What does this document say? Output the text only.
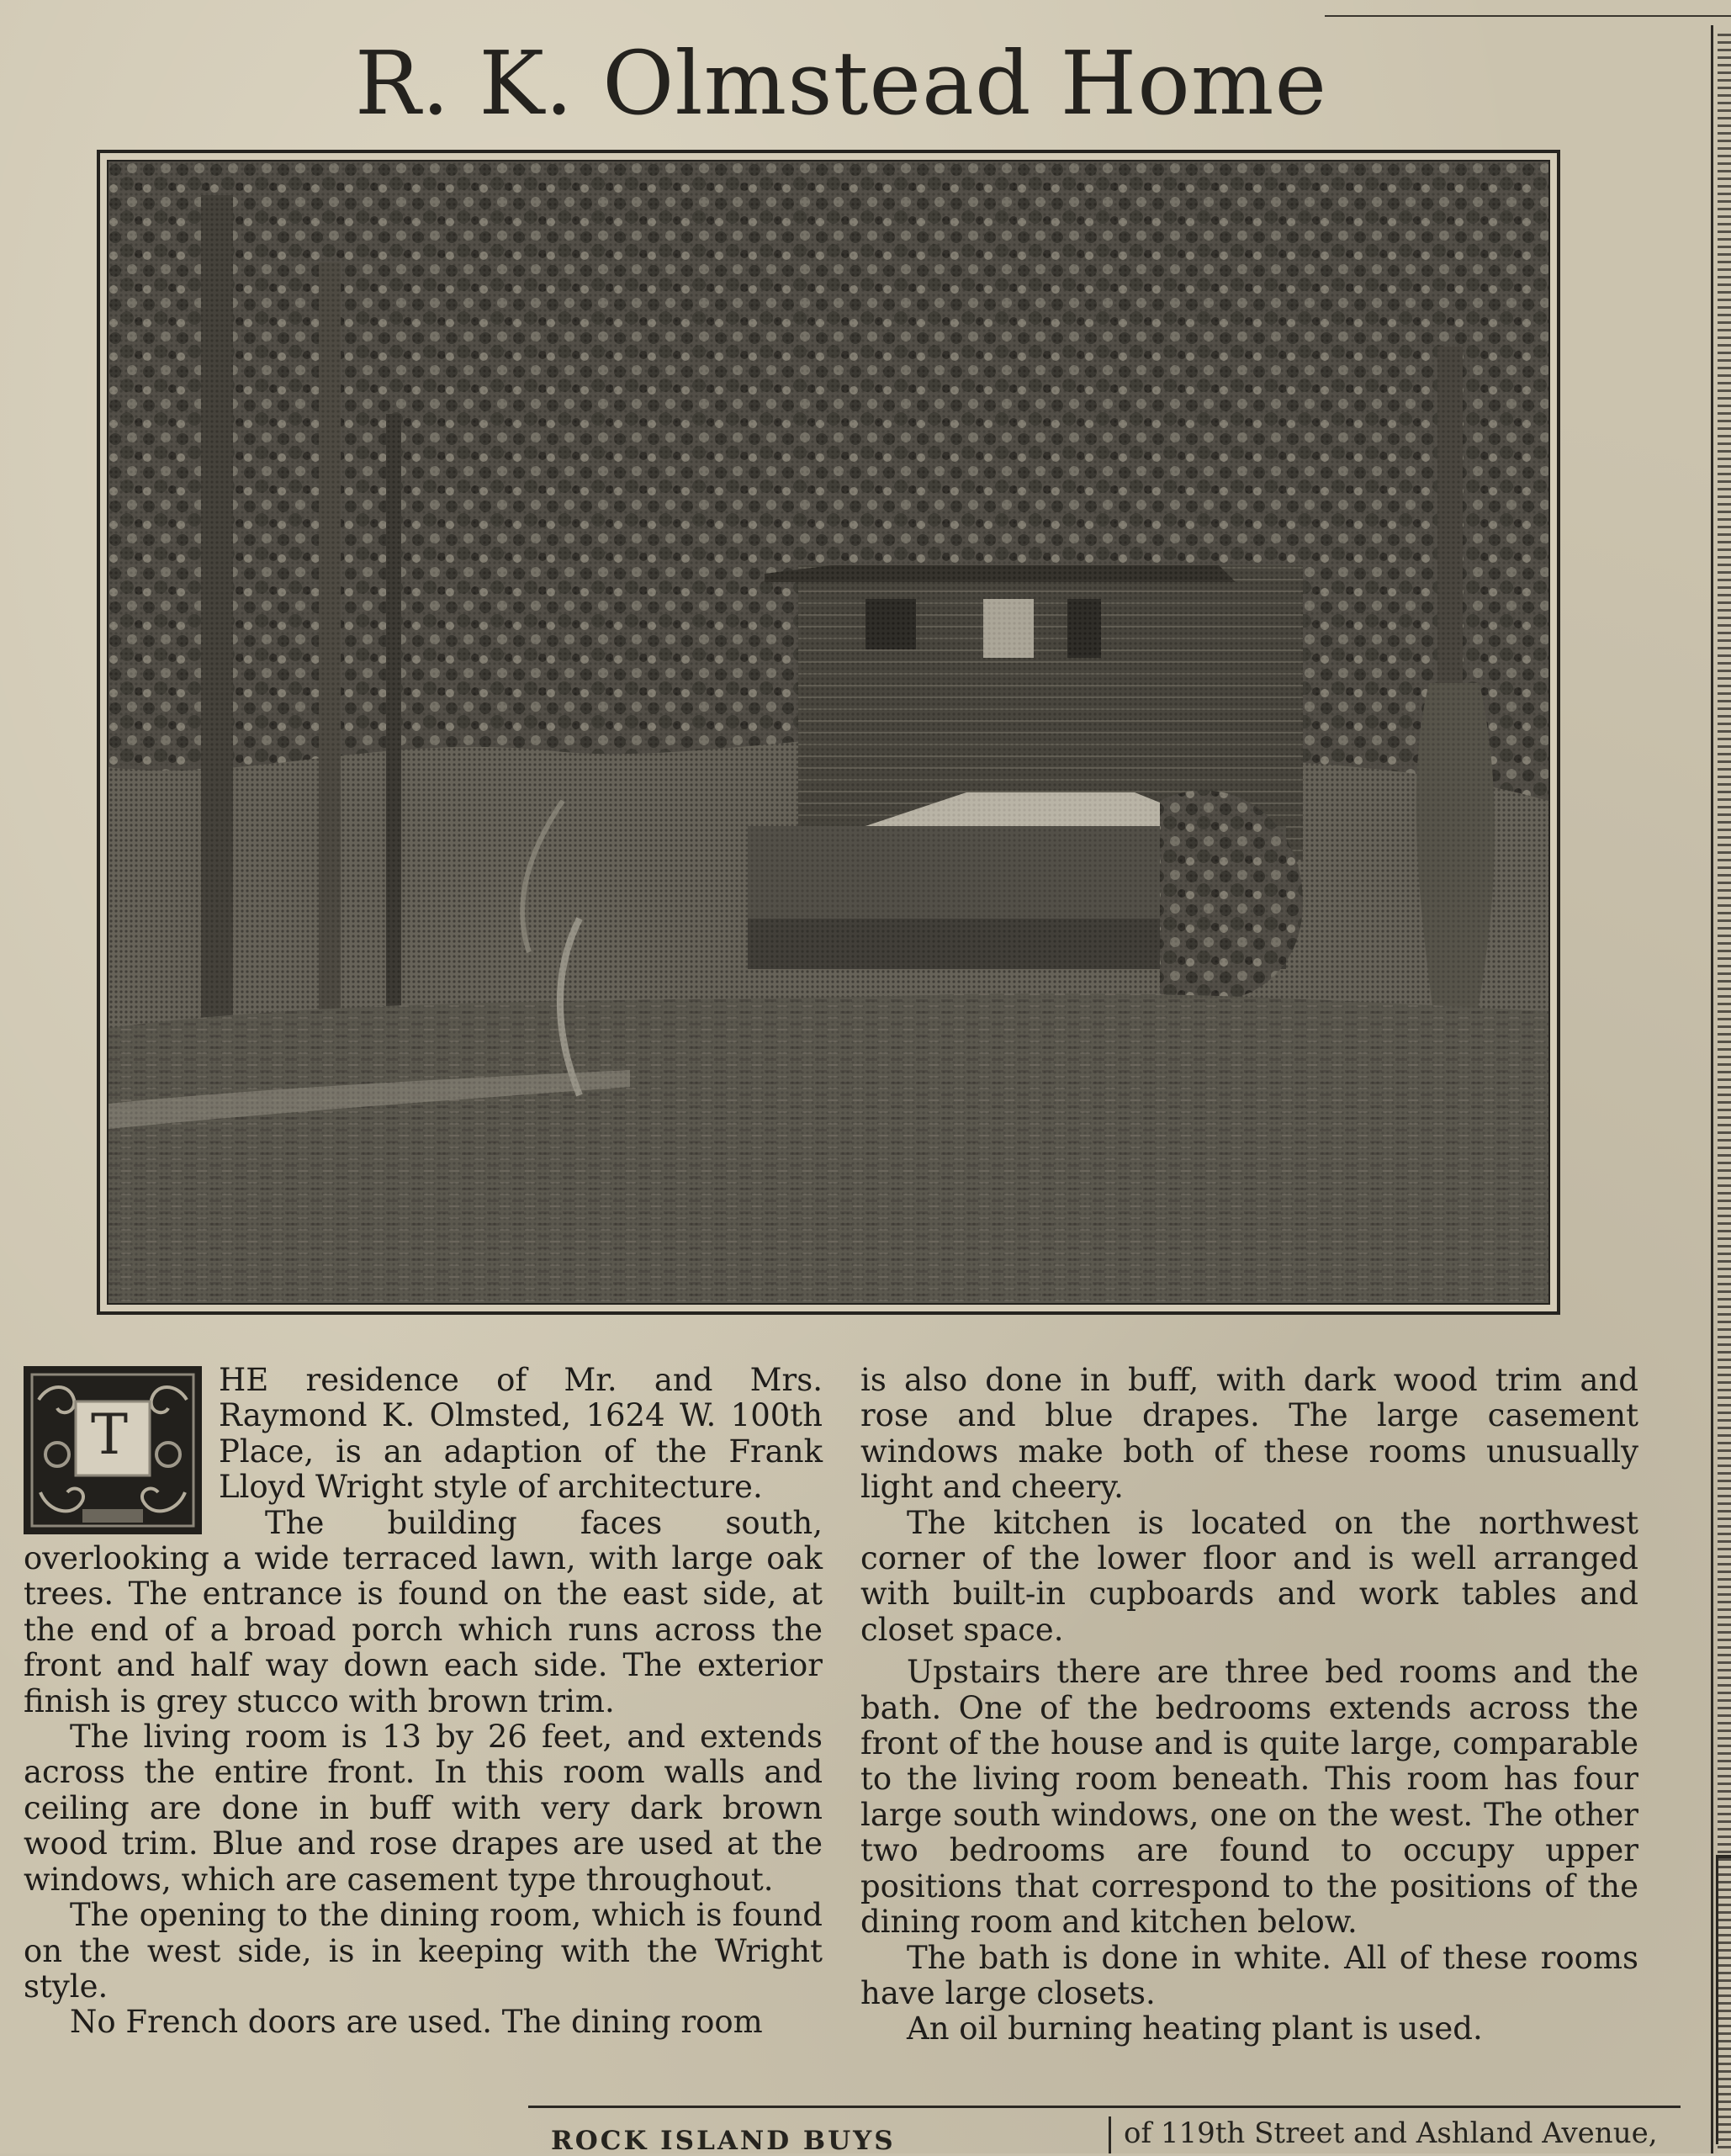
R. K. Olmstead Home
T

HE residence of Mr. and Mrs. Raymond K. Olmsted, 1624 W. 100th Place, is an adaption of the Frank Lloyd Wright style of architecture.

The building faces south, overlooking a wide terraced lawn, with large oak trees. The entrance is found on the east side, at the end of a broad porch which runs across the front and half way down each side. The exterior finish is grey stucco with brown trim.

The living room is 13 by 26 feet, and extends across the entire front. In this room walls and ceiling are done in buff with very dark brown wood trim. Blue and rose drapes are used at the windows, which are casement type throughout.

The opening to the dining room, which is found on the west side, is in keeping with the Wright style.

No French doors are used. The dining room

is also done in buff, with dark wood trim and rose and blue drapes. The large casement windows make both of these rooms unusually light and cheery.

The kitchen is located on the northwest corner of the lower floor and is well arranged with built-in cupboards and work tables and closet space.

Upstairs there are three bed rooms and the bath. One of the bedrooms extends across the front of the house and is quite large, comparable to the living room beneath. This room has four large south windows, one on the west. The other two bedrooms are found to occupy upper positions that correspond to the positions of the dining room and kitchen below.

The bath is done in white. All of these rooms have large closets.

An oil burning heating plant is used.

ROCK ISLAND BUYS	of 119th Street and Ashland Avenue,
